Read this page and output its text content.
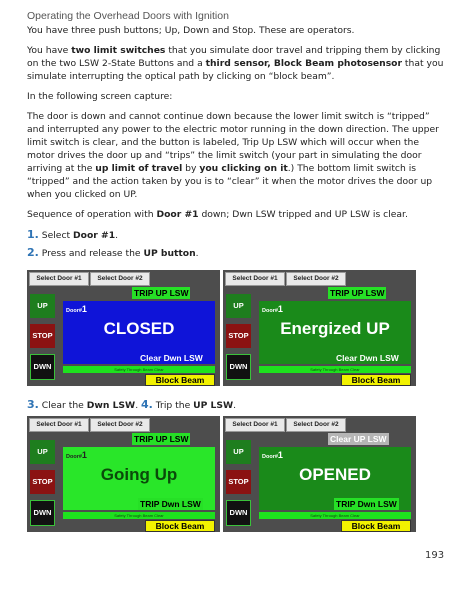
Operating the Overhead Doors with Ignition

You have three push buttons; Up, Down and Stop. These are operators.

You have two limit switches that you simulate door travel and tripping them by clicking on the two LSW 2-State Buttons and a third sensor, Block Beam photosensor that you simulate interrupting the optical path by clicking on “block beam”.

In the following screen capture:

The door is down and cannot continue down because the lower limit switch is “tripped” and interrupted any power to the electric motor running in the down direction. The upper limit switch is clear, and the button is labeled, Trip Up LSW which will occur when the motor drives the door up and “trips” the limit switch (your part in simulating the door arriving at the up limit of travel by you clicking on it.) The bottom limit switch is “tripped” and the action taken by you is to “clear” it when the motor drives the door up when you clicked on UP.

Sequence of operation with Door #1 down; Dwn LSW tripped and UP LSW is clear.

1. Select Door #1.
2. Press and release the UP button.
Select Door #1	Select Door #2
UP
STOP
DWN
Door#1
CLOSED
TRIP UP LSW
Clear Dwn LSW
Safety Through Beam Clear
Block Beam
Select Door #1	Select Door #2
UP
STOP
DWN
Door#1
Energized UP
TRIP UP LSW
Clear Dwn LSW
Safety Through Beam Clear
Block Beam
3. Clear the Dwn LSW. 4. Trip the UP LSW.
Select Door #1	Select Door #2
UP
STOP
DWN
Door#1
Going Up
TRIP UP LSW
TRIP Dwn LSW
Safety Through Beam Clear
Block Beam
Select Door #1	Select Door #2
UP
STOP
DWN
Door#1
OPENED
Clear UP LSW
TRIP Dwn LSW
Safety Through Beam Clear
Block Beam
193
